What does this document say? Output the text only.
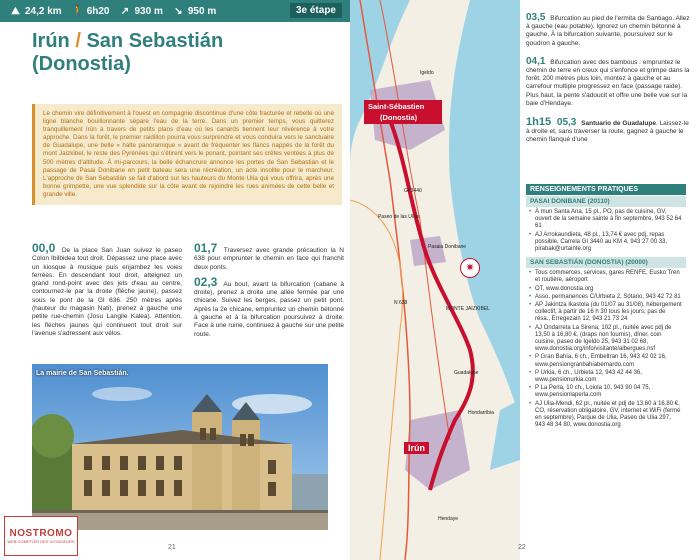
⛰ 24,2 km 🚶 6h20 ↗ 930 m ↘ 950 m	3e étape
Irún / San Sebastián
(Donostia)
Le chemin vire définitivement à l'ouest en compagnie discontinue d'une côte fracturée et rebelle où une ligne blanche bouillonnante sépare l'eau de la terre. Dans un premier temps, vous quitterez tranquillement Irún à travers de petits plans d'eau où les canards tiennent leur révérence à votre approche. Dans la forêt, le premier raidillon pourra vous surprendre et vous conduira vers le sanctuaire de Guadalupe, une belle « halte panoramique » avant de fréquenter les flancs nappés de la forêt du mont Jaizkibel, le reste des Pyrénées qui s'étirent vers le ponant, pointant ses crêtes ventées à plus de 500 mètres d'altitude. À mi-parcours, la belle échancrure annonce les portes de San Sebastián et le passage de Pasai Donibane en petit bateau sera une récréation, un acte insolite pour le marcheur. L'approche de San Sebastián se fait d'abord sur les hauteurs du Monte Ulía qui vous offrira, après une bonne grimpette, une vue splendide sur la côte avant de rejoindre les rues animées de cette belle et grande ville.

00,0 De la place San Juan suivez le paseo Colon Ibilbidea tout droit. Dépassez une place avec un kiosque à musique puis enjambez les voies ferrées. En descendant tout droit, atteignez un grand rond-point avec des jets d'eau au centre, contournez-le par la droite (flèche jaune), passez sous le pont de la GI 636. 250 mètres après (hauteur du magasin Nati), prenez à gauche une petite rue-chemin (Josu Langile Kalea). Attention, les flèches jaunes qui continuent tout droit sur l'avenue s'adressent aux vélos.

01,7 Traversez avec grande précaution la N 638 pour emprunter le chemin en face qui franchit deux ponts.

02,3 Au bout, avant la bifurcation (cabane à droite), prenez à droite une allée fermée par une chicane. Suivez les berges, passez un petit pont. Après la 2e chicane, empruntez un chemin bétonné à gauche et à la bifurcation poursuivez à droite. Face à une ruine, continuez à gauche sur une petite route.

La mairie de San Sebastián.
21
NOSTROMO
WEB COMPTOIR DES VOYAGEURS
Igeldo
Saint-Sébastien
(Donostia)
Pasaia Donibane
Paseo de las Ulías
Guadalupe
Hondarribia
Hendaye
MONTE JAIZKIBEL
GI 3440
N 638
Irún
✷

03,5 Bifurcation au pied de l'ermita de Santiago. Allez à gauche (eau potable). Ignorez un chemin bétonné à gauche. À la bifurcation suivante, poursuivez sur le goudron à gauche.

04,1 Bifurcation avec des bambous : empruntez le chemin de terre en creux qui s'enfonce et grimpe dans la forêt. 200 mètres plus loin, montez à gauche et au carrefour multiple progressez en face (passage raide). Plus haut, la pente s'adoucit et offre une belle vue sur la baie d'Hendaye.

1h15 05,3 Santuario de Guadalupe. Laissez-le à droite et, sans traverser la route, gagnez à gauche le chemin flanqué d'une

RENSEIGNEMENTS PRATIQUES
PASAI DONIBANE (20110)
• À mun Santa Ana, 15 pl., PO, pas de cuisine, GV, ouvert de la semaine sainte à fin septembre, 943 52 64 61
• AJ Arrokaundieta, 48 pl., 13,74 € avec pdj, repas possible, Carrela GI 3440 au KM 4, 943 27 00 33, pirabak@urtainte.org
SAN SEBASTIÁN (DONOSTIA) (20000)
• Tous commerces, services, gares RENFE, Eusko Tren et routière, aéroport
• OT, www.donostia.org
• Asso. permanences C/Urbieta 2, Sótano, 943 42 72 81
• AP Jakintza Ikastola (du 01/07 au 31/08), hébergement collectif, à partir de 16 h 30 tous les jours, pas de résa., Erregezain 12, 943 21 73 24
• AJ Ondarreta La Sirena, 102 pl., nuitée avec pdj de 13,50 à 16,80 €, (draps non fournis), dîner, coin cuisine, paseo de Igeldo 25, 943 31 02 68, www.donostia.org/info/visitante/albergues.nsf
• P Gran Bahía, 6 ch., Embeltran 16, 943 42 02 16, www.pensiongranbahiabernardo.com
• P Urkia, 6 ch., Urbieta 12, 943 42 44 36, www.pensionurkia.com
• P La Perla, 10 ch., Loiola 10, 943 90 04 75, www.pensionlaperla.com
• AJ Ulia-Mendi, 62 pl., nuitée et pdj de 13,60 à 16,80 €, CO, réservation obligatoire, GV, internet et WiFi (fermé en septembre), Parque de Ulia, Paseo de Ulia 297, 943 48 34 80, www.donostia.org
22
